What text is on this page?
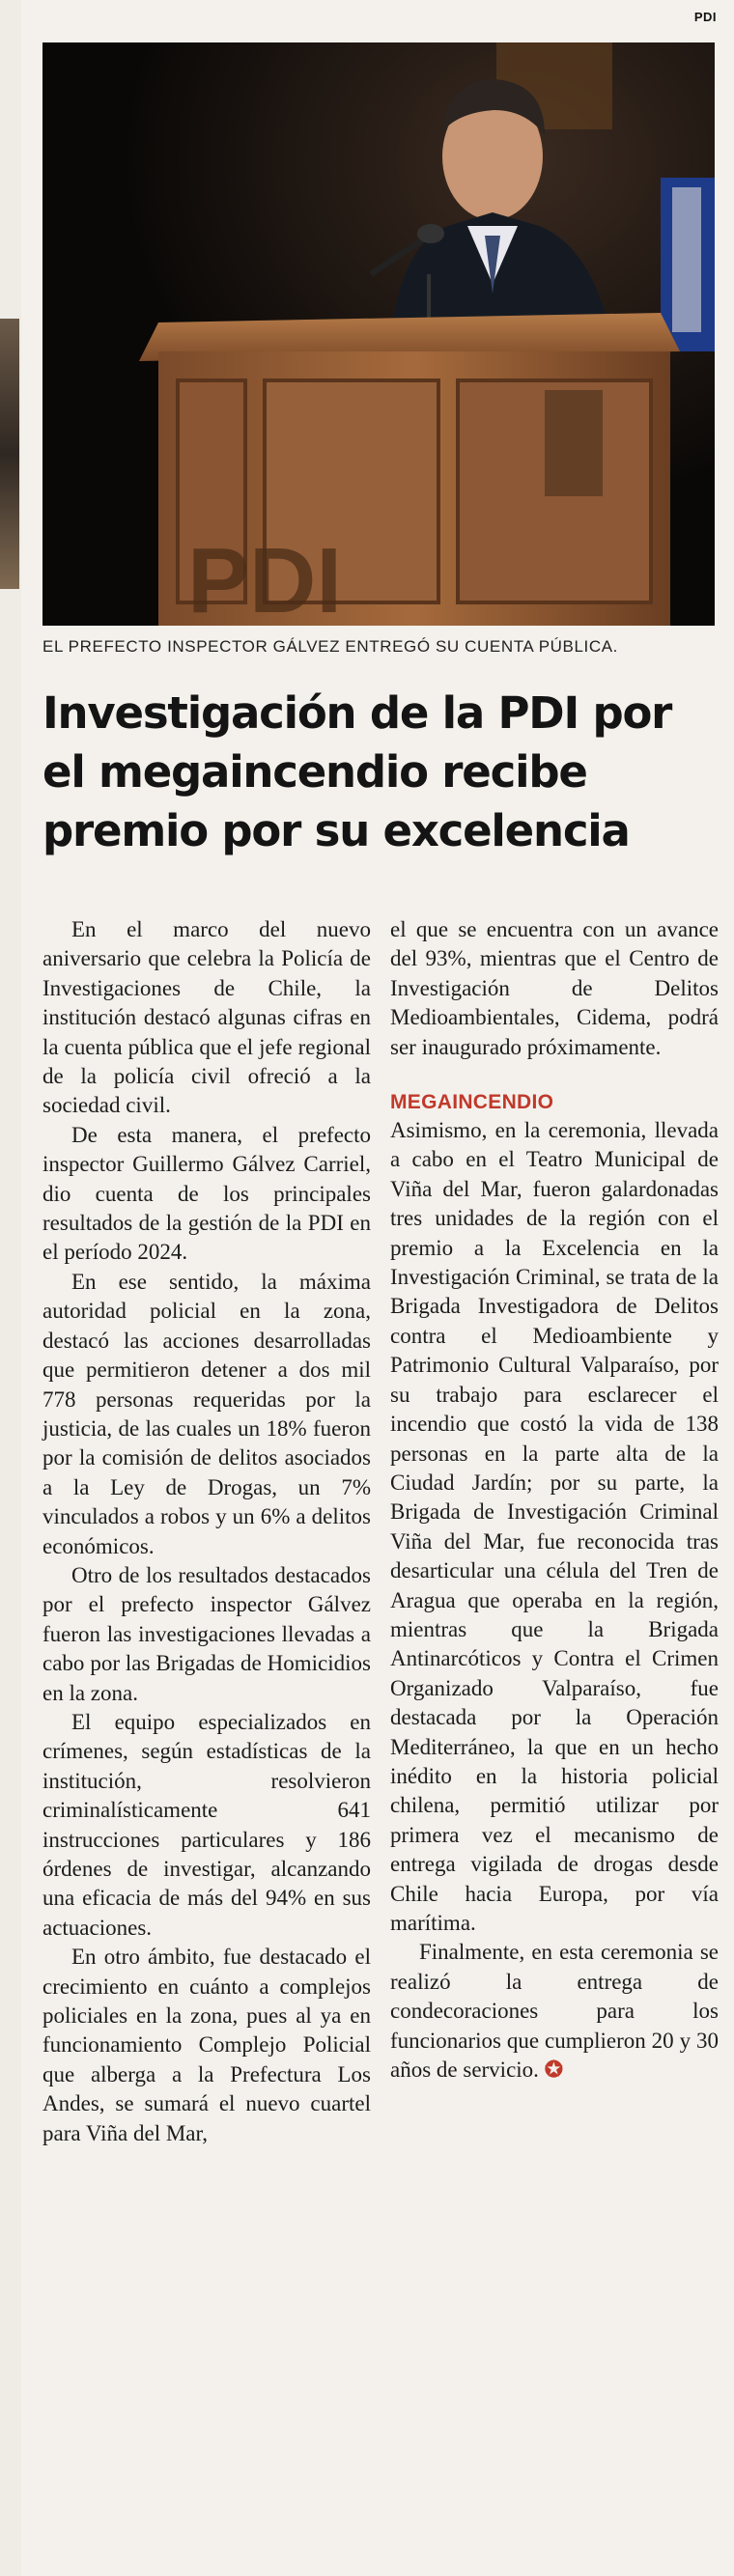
PDI
PDI
EL PREFECTO INSPECTOR GÁLVEZ ENTREGÓ SU CUENTA PÚBLICA.
Investigación de la PDI por el megaincendio recibe premio por su excelencia

En el marco del nuevo aniversario que celebra la Policía de Investigaciones de Chile, la institución destacó algunas cifras en la cuenta pública que el jefe regional de la policía civil ofreció a la sociedad civil.

De esta manera, el prefecto inspector Guillermo Gálvez Carriel, dio cuenta de los principales resultados de la gestión de la PDI en el período 2024.

En ese sentido, la máxima autoridad policial en la zona, destacó las acciones desarrolladas que permitieron detener a dos mil 778 personas requeridas por la justicia, de las cuales un 18% fueron por la comisión de delitos asociados a la Ley de Drogas, un 7% vinculados a robos y un 6% a delitos económicos.

Otro de los resultados destacados por el prefecto inspector Gálvez fueron las investigaciones llevadas a cabo por las Brigadas de Homicidios en la zona.

El equipo especializados en crímenes, según estadísticas de la institución, resolvieron criminalísticamente 641 instrucciones particulares y 186 órdenes de investigar, alcanzando una eficacia de más del 94% en sus actuaciones.

En otro ámbito, fue destacado el crecimiento en cuánto a complejos policiales en la zona, pues al ya en funcionamiento Complejo Policial que alberga a la Prefectura Los Andes, se sumará el nuevo cuartel para Viña del Mar,

el que se encuentra con un avance del 93%, mientras que el Centro de Investigación de Delitos Medioambientales, Cidema, podrá ser inaugurado próximamente.

MEGAINCENDIO

Asimismo, en la ceremonia, llevada a cabo en el Teatro Municipal de Viña del Mar, fueron galardonadas tres unidades de la región con el premio a la Excelencia en la Investigación Criminal, se trata de la Brigada Investigadora de Delitos contra el Medioambiente y Patrimonio Cultural Valparaíso, por su trabajo para esclarecer el incendio que costó la vida de 138 personas en la parte alta de la Ciudad Jardín; por su parte, la Brigada de Investigación Criminal Viña del Mar, fue reconocida tras desarticular una célula del Tren de Aragua que operaba en la región, mientras que la Brigada Antinarcóticos y Contra el Crimen Organizado Valparaíso, fue destacada por la Operación Mediterráneo, la que en un hecho inédito en la historia policial chilena, permitió utilizar por primera vez el mecanismo de entrega vigilada de drogas desde Chile hacia Europa, por vía marítima.

Finalmente, en esta ceremonia se realizó la entrega de condecoraciones para los funcionarios que cumplieron 20 y 30 años de servicio. ✪
